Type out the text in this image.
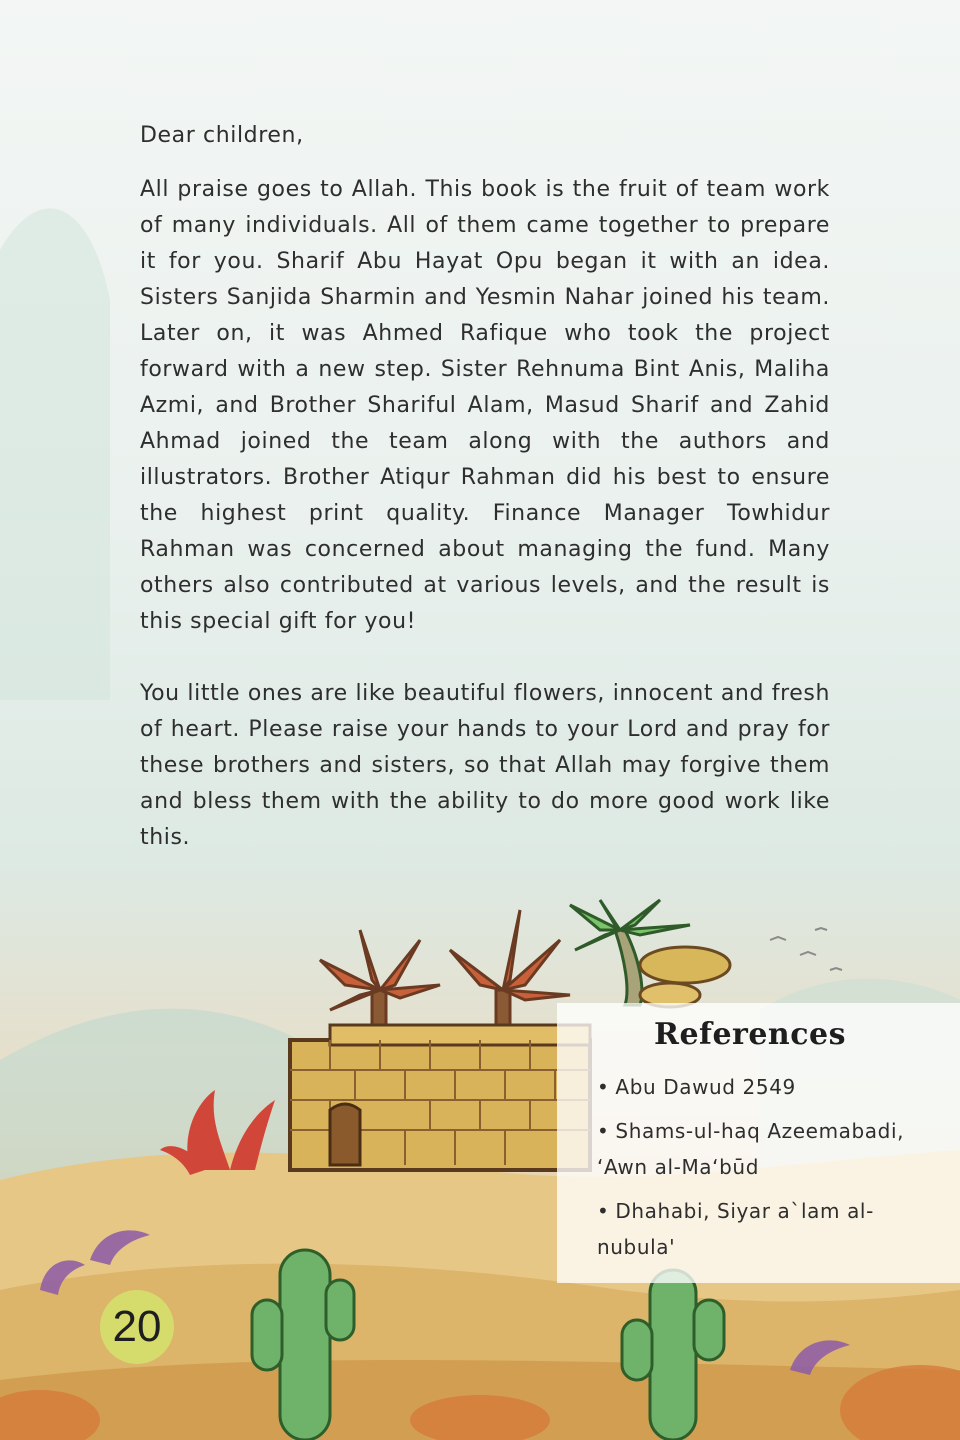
Dear children,

All praise goes to Allah. This book is the fruit of team work of many individuals. All of them came together to prepare it for you. Sharif Abu Hayat Opu began it with an idea. Sisters Sanjida Sharmin and Yesmin Nahar joined his team. Later on, it was Ahmed Rafique who took the project forward with a new step. Sister Rehnuma Bint Anis, Maliha Azmi, and Brother Shariful Alam, Masud Sharif and Zahid Ahmad joined the team along with the authors and illustrators. Brother Atiqur Rahman did his best to ensure the highest print quality. Finance Manager Towhidur Rahman was concerned about managing the fund. Many others also contributed at various levels, and the result is this special gift for you!

You little ones are like beautiful flowers, innocent and fresh of heart. Please raise your hands to your Lord and pray for these brothers and sisters, so that Allah may forgive them and bless them with the ability to do more good work like this.

References
• Abu Dawud 2549
• Shams-ul-haq Azeemabadi, ‘Awn al-Ma‘būd
• Dhahabi, Siyar a`lam al-nubula'
20
